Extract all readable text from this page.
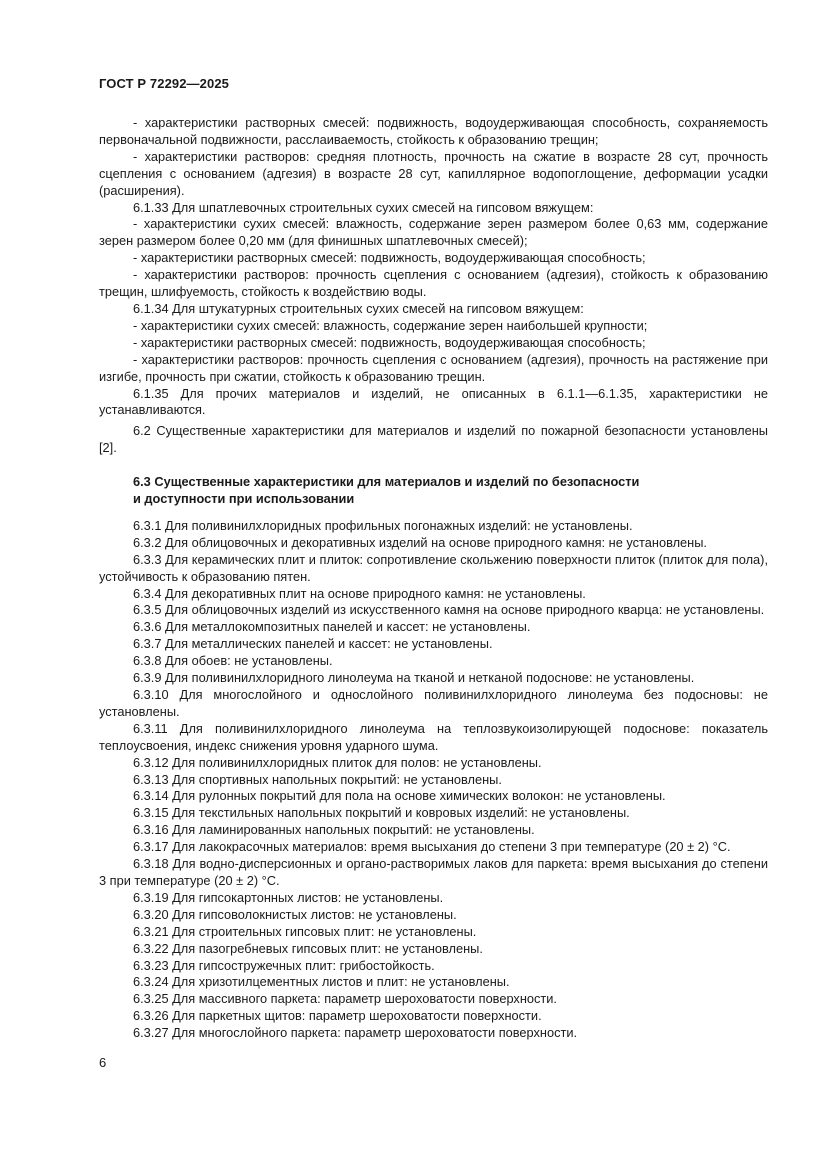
ГОСТ Р 72292—2025

- характеристики растворных смесей: подвижность, водоудерживающая способность, сохраняемость первоначальной подвижности, расслаиваемость, стойкость к образованию трещин;

- характеристики растворов: средняя плотность, прочность на сжатие в возрасте 28 сут, прочность сцепления с основанием (адгезия) в возрасте 28 сут, капиллярное водопоглощение, деформации усадки (расширения).

6.1.33 Для шпатлевочных строительных сухих смесей на гипсовом вяжущем:

- характеристики сухих смесей: влажность, содержание зерен размером более 0,63 мм, содержание зерен размером более 0,20 мм (для финишных шпатлевочных смесей);

- характеристики растворных смесей: подвижность, водоудерживающая способность;

- характеристики растворов: прочность сцепления с основанием (адгезия), стойкость к образованию трещин, шлифуемость, стойкость к воздействию воды.

6.1.34 Для штукатурных строительных сухих смесей на гипсовом вяжущем:

- характеристики сухих смесей: влажность, содержание зерен наибольшей крупности;

- характеристики растворных смесей: подвижность, водоудерживающая способность;

- характеристики растворов: прочность сцепления с основанием (адгезия), прочность на растяжение при изгибе, прочность при сжатии, стойкость к образованию трещин.

6.1.35 Для прочих материалов и изделий, не описанных в 6.1.1—6.1.35, характеристики не устанавливаются.

6.2 Существенные характеристики для материалов и изделий по пожарной безопасности установлены [2].

6.3 Существенные характеристики для материалов и изделий по безопасности
и доступности при использовании

6.3.1 Для поливинилхлоридных профильных погонажных изделий: не установлены.

6.3.2 Для облицовочных и декоративных изделий на основе природного камня: не установлены.

6.3.3 Для керамических плит и плиток: сопротивление скольжению поверхности плиток (плиток для пола), устойчивость к образованию пятен.

6.3.4 Для декоративных плит на основе природного камня: не установлены.

6.3.5 Для облицовочных изделий из искусственного камня на основе природного кварца: не установлены.

6.3.6 Для металлокомпозитных панелей и кассет: не установлены.

6.3.7 Для металлических панелей и кассет: не установлены.

6.3.8 Для обоев: не установлены.

6.3.9 Для поливинилхлоридного линолеума на тканой и нетканой подоснове: не установлены.

6.3.10 Для многослойного и однослойного поливинилхлоридного линолеума без подосновы: не установлены.

6.3.11 Для поливинилхлоридного линолеума на теплозвукоизолирующей подоснове: показатель теплоусвоения, индекс снижения уровня ударного шума.

6.3.12 Для поливинилхлоридных плиток для полов: не установлены.

6.3.13 Для спортивных напольных покрытий: не установлены.

6.3.14 Для рулонных покрытий для пола на основе химических волокон: не установлены.

6.3.15 Для текстильных напольных покрытий и ковровых изделий: не установлены.

6.3.16 Для ламинированных напольных покрытий: не установлены.

6.3.17 Для лакокрасочных материалов: время высыхания до степени 3 при температуре (20 ± 2) °С.

6.3.18 Для водно-дисперсионных и органо-растворимых лаков для паркета: время высыхания до степени 3 при температуре (20 ± 2) °С.

6.3.19 Для гипсокартонных листов: не установлены.

6.3.20 Для гипсоволокнистых листов: не установлены.

6.3.21 Для строительных гипсовых плит: не установлены.

6.3.22 Для пазогребневых гипсовых плит: не установлены.

6.3.23 Для гипсостружечных плит: грибостойкость.

6.3.24 Для хризотилцементных листов и плит: не установлены.

6.3.25 Для массивного паркета: параметр шероховатости поверхности.

6.3.26 Для паркетных щитов: параметр шероховатости поверхности.

6.3.27 Для многослойного паркета: параметр шероховатости поверхности.

6
